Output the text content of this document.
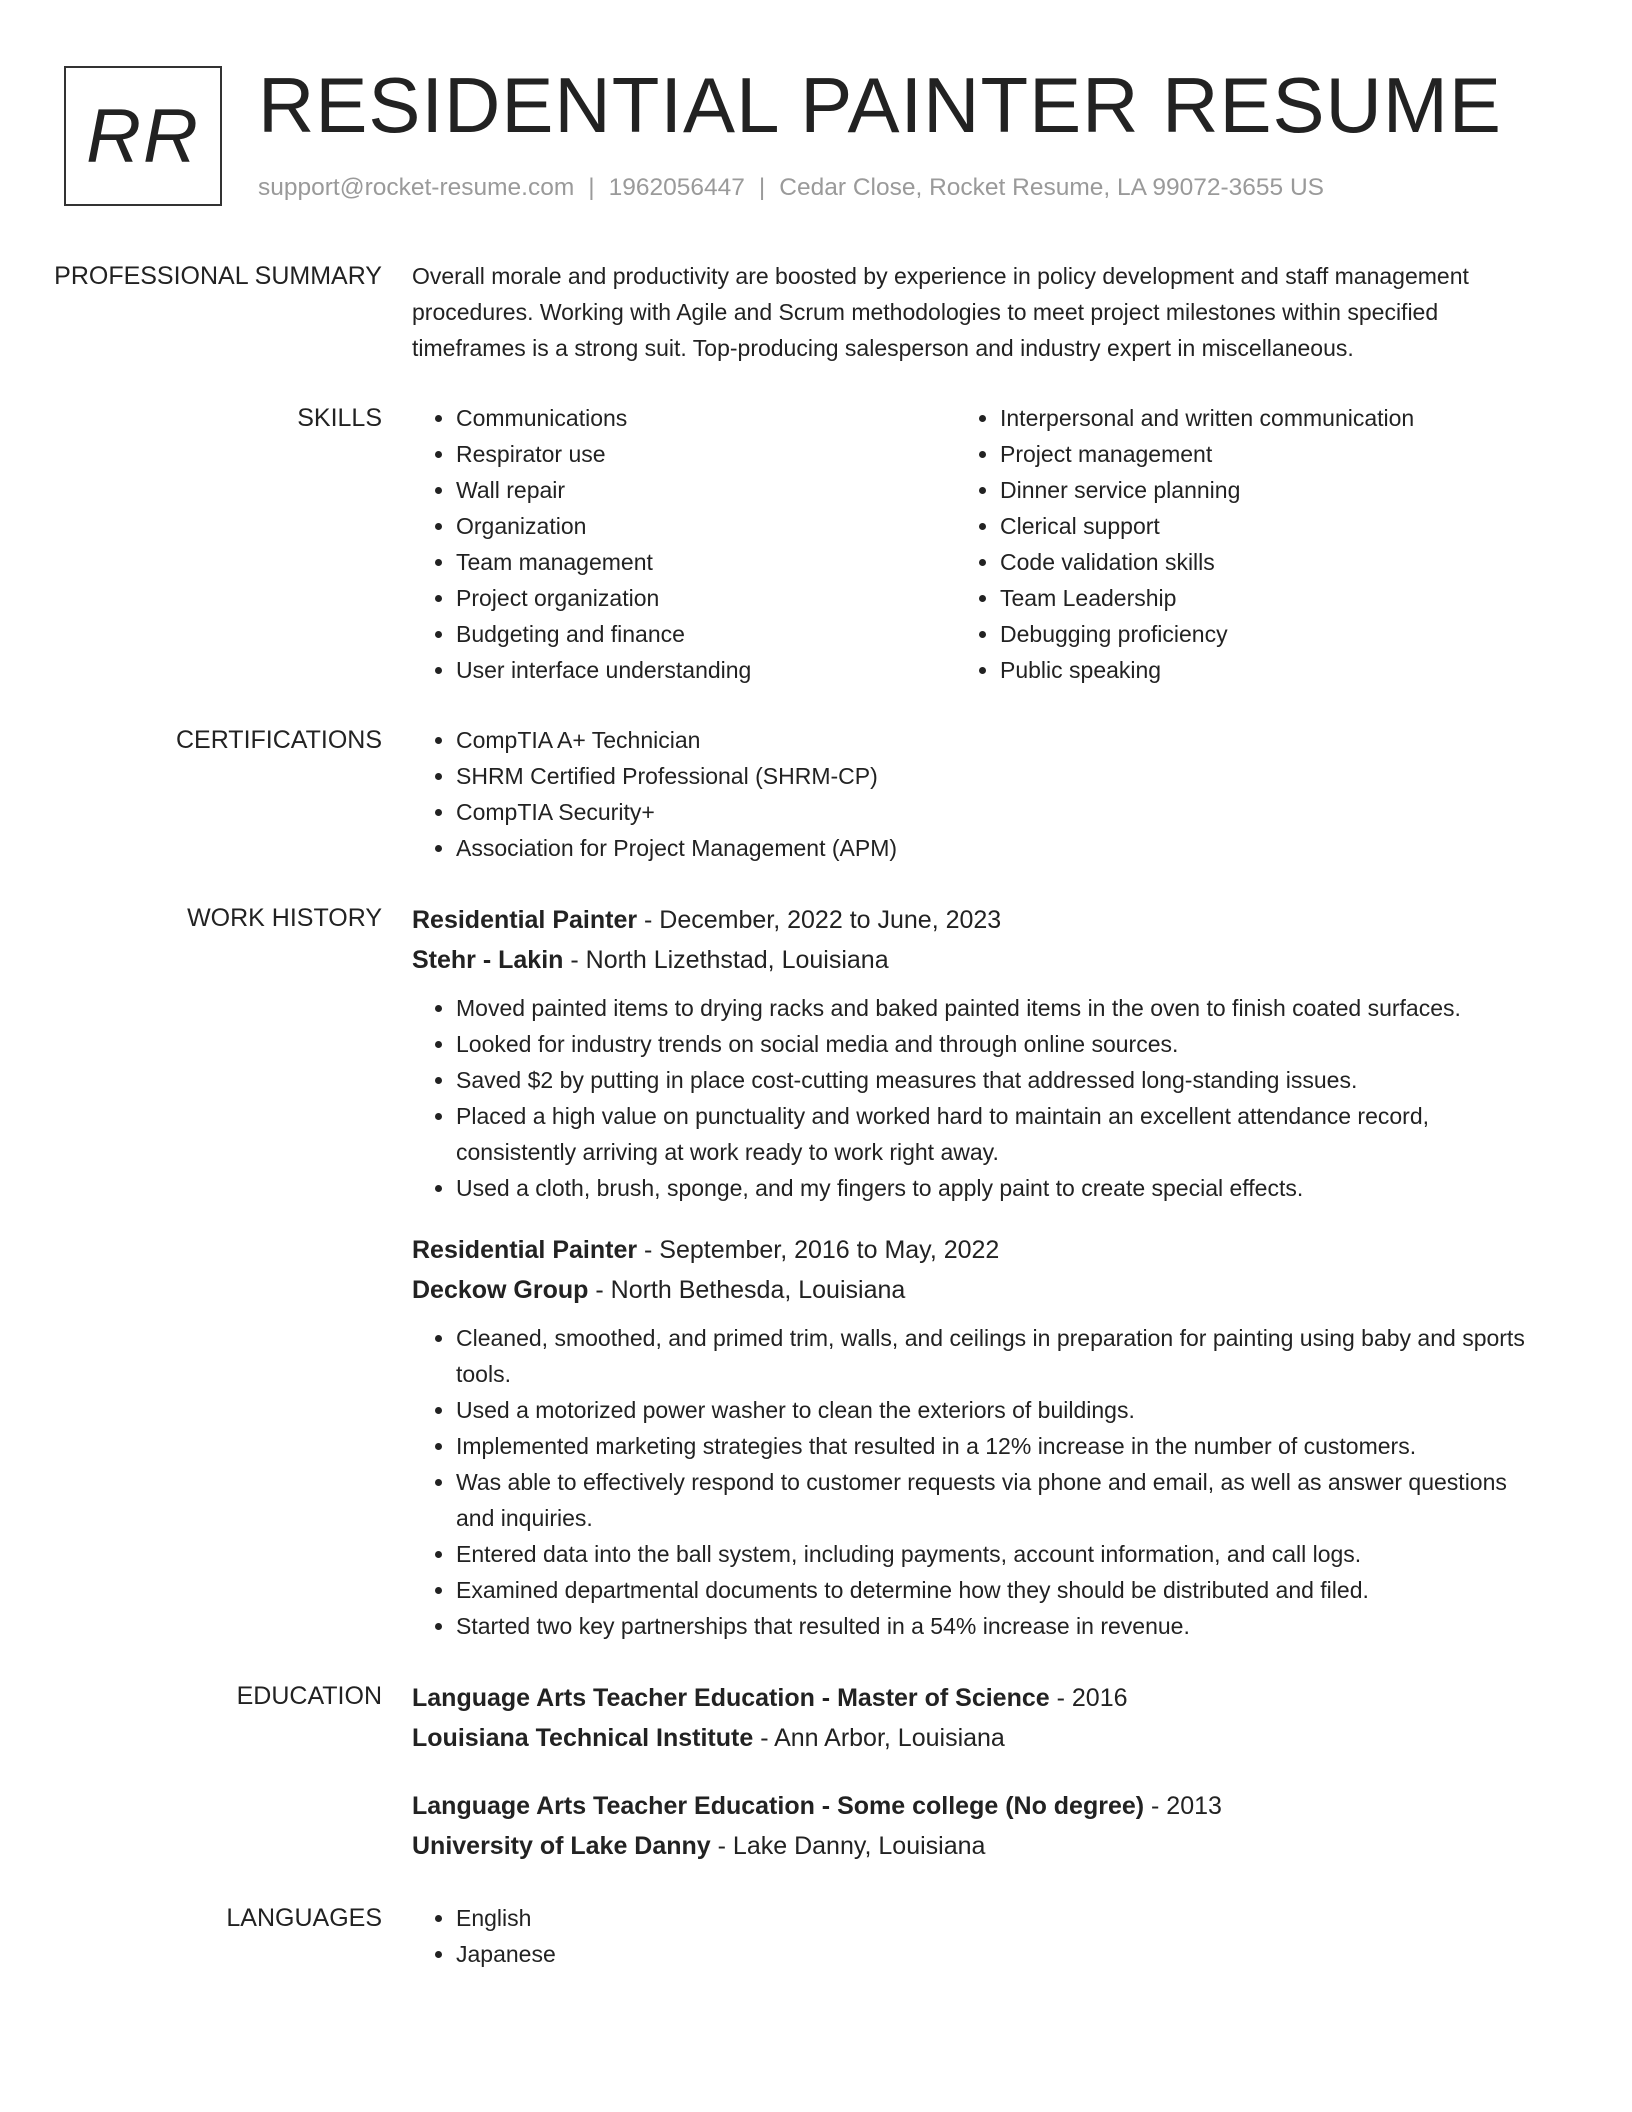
RR RESIDENTIAL PAINTER RESUME
support@rocket-resume.com | 1962056447 | Cedar Close, Rocket Resume, LA 99072-3655 US
PROFESSIONAL SUMMARY	Overall morale and productivity are boosted by experience in policy development and staff management procedures. Working with Agile and Scrum methodologies to meet project milestones within specified timeframes is a strong suit. Top-producing salesperson and industry expert in miscellaneous.
SKILLS	• Communications
• Respirator use
• Wall repair
• Organization
• Team management
• Project organization
• Budgeting and finance
• User interface understanding
• Interpersonal and written communication
• Project management
• Dinner service planning
• Clerical support
• Code validation skills
• Team Leadership
• Debugging proficiency
• Public speaking
CERTIFICATIONS	• CompTIA A+ Technician
• SHRM Certified Professional (SHRM-CP)
• CompTIA Security+
• Association for Project Management (APM)
WORK HISTORY	Residential Painter - December, 2022 to June, 2023
Stehr - Lakin - North Lizethstad, Louisiana
• Moved painted items to drying racks and baked painted items in the oven to finish coated surfaces.
• Looked for industry trends on social media and through online sources.
• Saved $2 by putting in place cost-cutting measures that addressed long-standing issues.
• Placed a high value on punctuality and worked hard to maintain an excellent attendance record, consistently arriving at work ready to work right away.
• Used a cloth, brush, sponge, and my fingers to apply paint to create special effects.
Residential Painter - September, 2016 to May, 2022
Deckow Group - North Bethesda, Louisiana
• Cleaned, smoothed, and primed trim, walls, and ceilings in preparation for painting using baby and sports tools.
• Used a motorized power washer to clean the exteriors of buildings.
• Implemented marketing strategies that resulted in a 12% increase in the number of customers.
• Was able to effectively respond to customer requests via phone and email, as well as answer questions and inquiries.
• Entered data into the ball system, including payments, account information, and call logs.
• Examined departmental documents to determine how they should be distributed and filed.
• Started two key partnerships that resulted in a 54% increase in revenue.
EDUCATION	Language Arts Teacher Education - Master of Science - 2016
Louisiana Technical Institute - Ann Arbor, Louisiana
Language Arts Teacher Education - Some college (No degree) - 2013
University of Lake Danny - Lake Danny, Louisiana
LANGUAGES	• English
• Japanese
